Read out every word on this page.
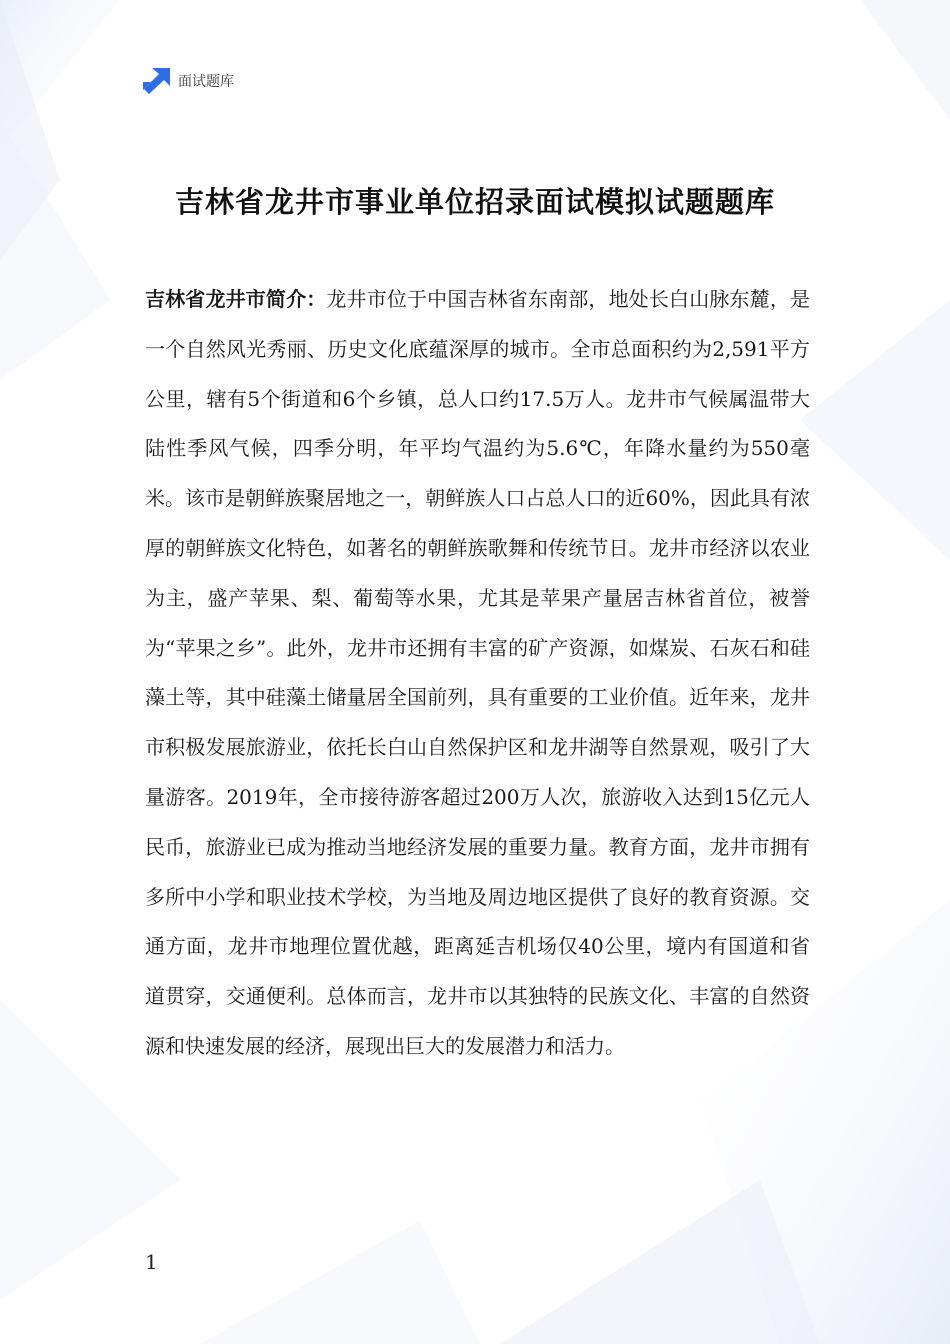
面试题库
吉林省龙井市事业单位招录面试模拟试题题库
吉林省龙井市简介：龙井市位于中国吉林省东南部，地处长白山脉东麓，是一个自然风光秀丽、历史文化底蕴深厚的城市。全市总面积约为2,591平方公里，辖有5个街道和6个乡镇，总人口约17.5万人。龙井市气候属温带大陆性季风气候，四季分明，年平均气温约为5.6℃，年降水量约为550毫米。该市是朝鲜族聚居地之一，朝鲜族人口占总人口的近60%，因此具有浓厚的朝鲜族文化特色，如著名的朝鲜族歌舞和传统节日。龙井市经济以农业为主，盛产苹果、梨、葡萄等水果，尤其是苹果产量居吉林省首位，被誉为“苹果之乡”。此外，龙井市还拥有丰富的矿产资源，如煤炭、石灰石和硅藻土等，其中硅藻土储量居全国前列，具有重要的工业价值。近年来，龙井市积极发展旅游业，依托长白山自然保护区和龙井湖等自然景观，吸引了大量游客。2019年，全市接待游客超过200万人次，旅游收入达到15亿元人民币，旅游业已成为推动当地经济发展的重要力量。教育方面，龙井市拥有多所中小学和职业技术学校，为当地及周边地区提供了良好的教育资源。交通方面，龙井市地理位置优越，距离延吉机场仅40公里，境内有国道和省道贯穿，交通便利。总体而言，龙井市以其独特的民族文化、丰富的自然资源和快速发展的经济，展现出巨大的发展潜力和活力。
1
